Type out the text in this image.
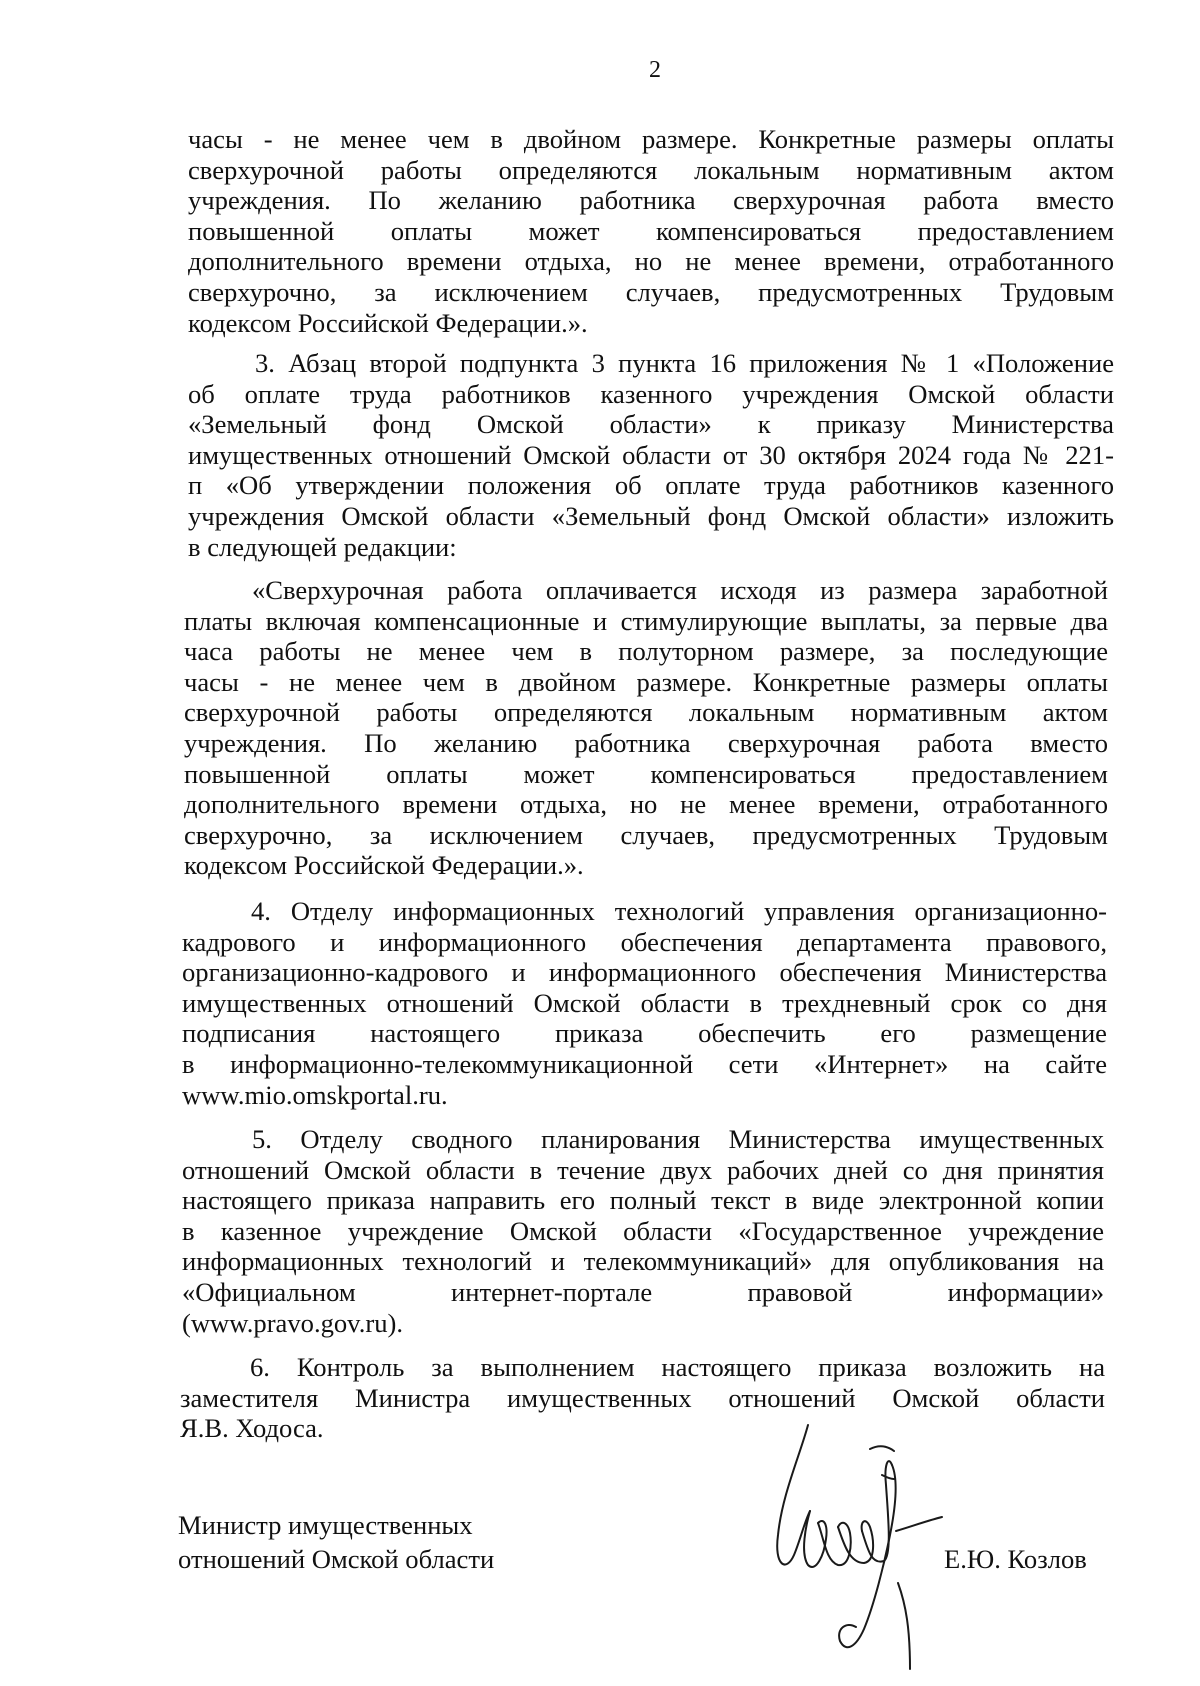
2

часы - не менее чем в двойном размере. Конкретные размеры оплаты

сверхурочной работы определяются локальным нормативным актом

учреждения. По желанию работника сверхурочная работа вместо

повышенной оплаты может компенсироваться предоставлением

дополнительного времени отдыха, но не менее времени, отработанного

сверхурочно, за исключением случаев, предусмотренных Трудовым

кодексом Российской Федерации.».

3. Абзац второй подпункта 3 пункта 16 приложения № 1 «Положение

об оплате труда работников казенного учреждения Омской области

«Земельный фонд Омской области» к приказу Министерства

имущественных отношений Омской области от 30 октября 2024 года № 221-

п «Об утверждении положения об оплате труда работников казенного

учреждения Омской области «Земельный фонд Омской области» изложить

в следующей редакции:

«Сверхурочная работа оплачивается исходя из размера заработной

платы включая компенсационные и стимулирующие выплаты, за первые два

часа работы не менее чем в полуторном размере, за последующие

часы - не менее чем в двойном размере. Конкретные размеры оплаты

сверхурочной работы определяются локальным нормативным актом

учреждения. По желанию работника сверхурочная работа вместо

повышенной оплаты может компенсироваться предоставлением

дополнительного времени отдыха, но не менее времени, отработанного

сверхурочно, за исключением случаев, предусмотренных Трудовым

кодексом Российской Федерации.».

4. Отделу информационных технологий управления организационно-

кадрового и информационного обеспечения департамента правового,

организационно-кадрового и информационного обеспечения Министерства

имущественных отношений Омской области в трехдневный срок со дня

подписания настоящего приказа обеспечить его размещение

в информационно-телекоммуникационной сети «Интернет» на сайте

www.mio.omskportal.ru.

5. Отделу сводного планирования Министерства имущественных

отношений Омской области в течение двух рабочих дней со дня принятия

настоящего приказа направить его полный текст в виде электронной копии

в казенное учреждение Омской области «Государственное учреждение

информационных технологий и телекоммуникаций» для опубликования на

«Официальном интернет-портале правовой информации»

(www.pravo.gov.ru).

6. Контроль за выполнением настоящего приказа возложить на

заместителя Министра имущественных отношений Омской области

Я.В. Ходоса.

Министр имущественных
отношений Омской области	Е.Ю. Козлов
